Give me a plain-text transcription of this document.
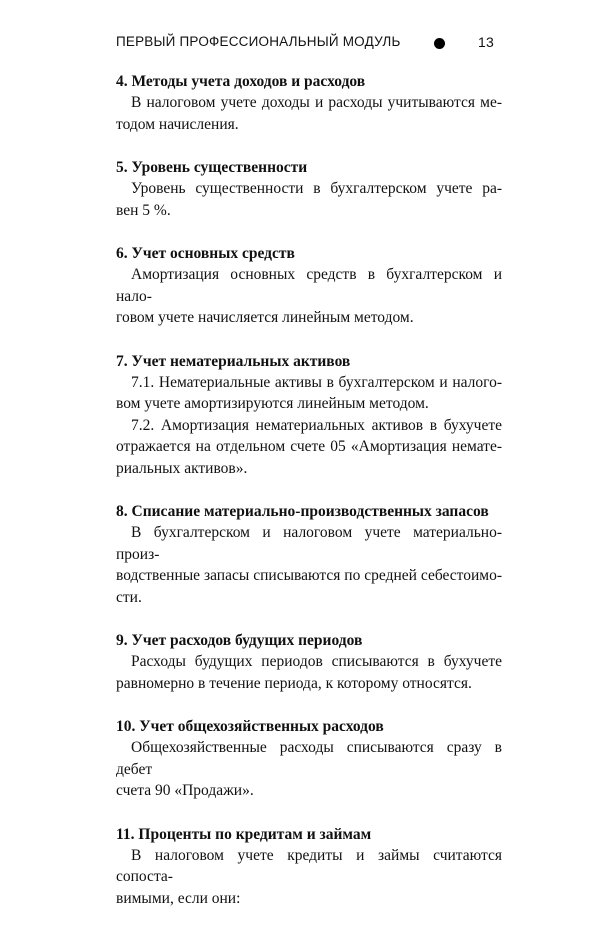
ПЕРВЫЙ ПРОФЕССИОНАЛЬНЫЙ МОДУЛЬ	13
4. Методы учета доходов и расходов

В налоговом учете доходы и расходы учитываются ме-
тодом начисления.

5. Уровень существенности

Уровень существенности в бухгалтерском учете ра-
вен 5 %.

6. Учет основных средств

Амортизация основных средств в бухгалтерском и нало-
говом учете начисляется линейным методом.

7. Учет нематериальных активов

7.1. Нематериальные активы в бухгалтерском и налого-
вом учете амортизируются линейным методом.

7.2. Амортизация нематериальных активов в бухучете
отражается на отдельном счете 05 «Амортизация немате-
риальных активов».

8. Списание материально-производственных запасов

В бухгалтерском и налоговом учете материально-произ-
водственные запасы списываются по средней себестоимо-
сти.

9. Учет расходов будущих периодов

Расходы будущих периодов списываются в бухучете
равномерно в течение периода, к которому относятся.

10. Учет общехозяйственных расходов

Общехозяйственные расходы списываются сразу в дебет
счета 90 «Продажи».

11. Проценты по кредитам и займам

В налоговом учете кредиты и займы считаются сопоста-
вимыми, если они:
